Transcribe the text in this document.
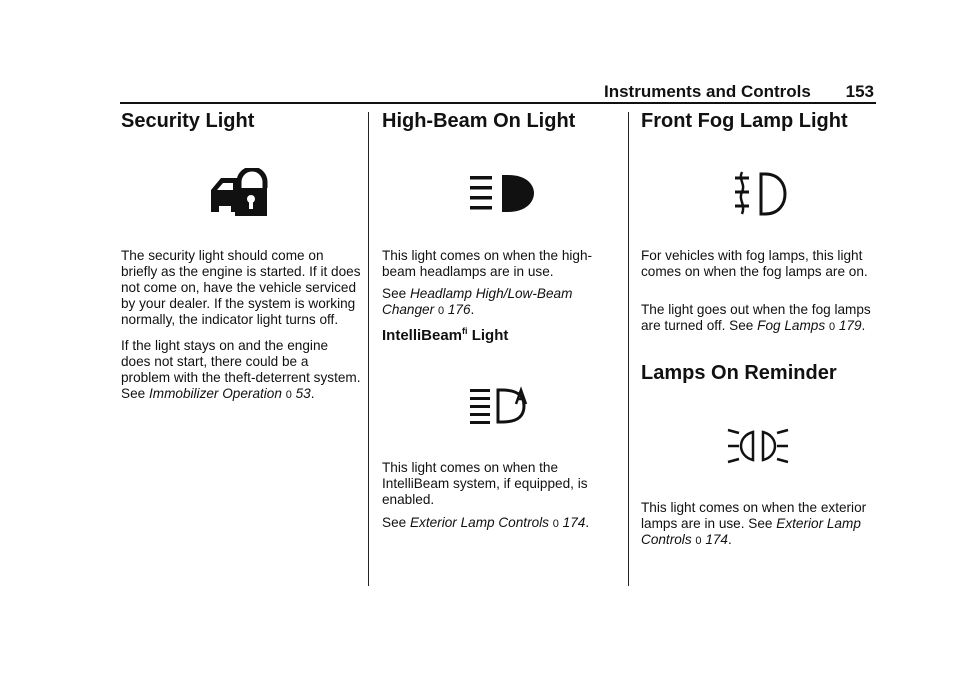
Instruments and Controls 153
Security Light

The security light should come on briefly as the engine is started. If it does not come on, have the vehicle serviced by your dealer. If the system is working normally, the indicator light turns off.

If the light stays on and the engine does not start, there could be a problem with the theft-deterrent system. See Immobilizer Operation 0 53.

High-Beam On Light

This light comes on when the high-beam headlamps are in use.

See Headlamp High/Low-Beam Changer 0 176.

IntelliBeam$^{fi}$ Light

This light comes on when the IntelliBeam system, if equipped, is enabled.

See Exterior Lamp Controls 0 174.

Front Fog Lamp Light

For vehicles with fog lamps, this light comes on when the fog lamps are on.

The light goes out when the fog lamps are turned off. See Fog Lamps 0 179.

Lamps On Reminder

This light comes on when the exterior lamps are in use. See Exterior Lamp Controls 0 174.
